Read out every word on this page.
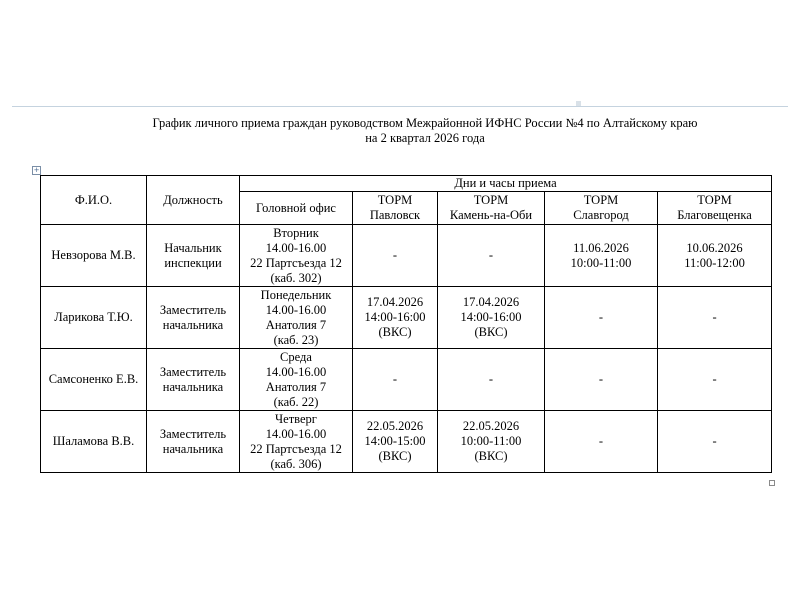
График личного приема граждан руководством Межрайонной ИФНС России №4 по Алтайскому краю
на 2 квартал 2026 года
+
Ф.И.О.	Должность	Дни и часы приема				
		Головной офис	ТОРМ
Павловск	ТОРМ
Камень-на-Оби	ТОРМ
Славгород	ТОРМ
Благовещенка

Невзорова М.В.	Начальник
инспекции	Вторник
14.00-16.00
22 Партсъезда 12
(каб. 302)	-	-	11.06.2026
10:00-11:00	10.06.2026
11:00-12:00

Ларикова Т.Ю.	Заместитель
начальника	Понедельник
14.00-16.00
Анатолия 7
(каб. 23)	17.04.2026
14:00-16:00
(ВКС)	17.04.2026
14:00-16:00
(ВКС)	-	-

Самсоненко Е.В.	Заместитель
начальника	Среда
14.00-16.00
Анатолия 7
(каб. 22)	-	-	-	-

Шаламова В.В.	Заместитель
начальника	Четверг
14.00-16.00
22 Партсъезда 12
(каб. 306)	22.05.2026
14:00-15:00
(ВКС)	22.05.2026
10:00-11:00
(ВКС)	-	-
